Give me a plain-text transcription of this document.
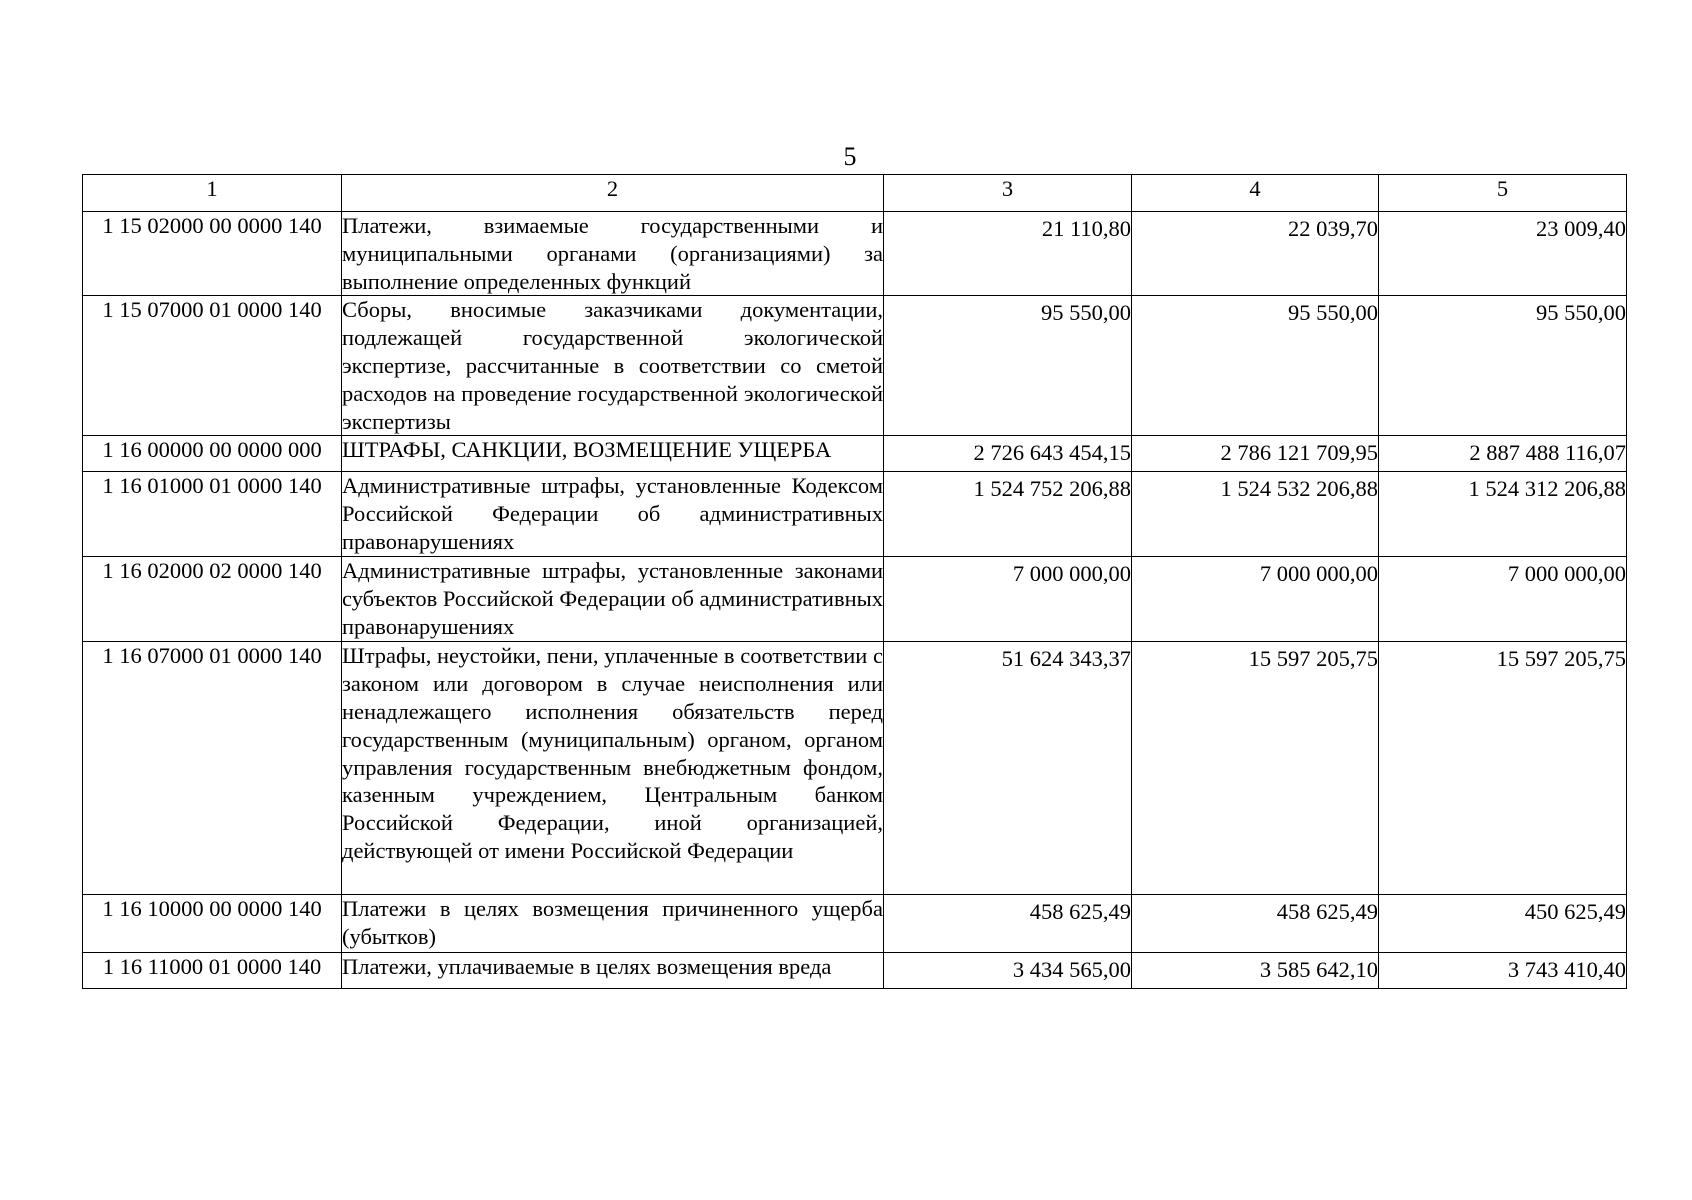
5
1	2	3	4	5
1 15 02000 00 0000 140	Платежи, взимаемые государственными и муниципальными органами (организациями) за выполнение определенных функций	21 110,80	22 039,70	23 009,40
1 15 07000 01 0000 140	Сборы, вносимые заказчиками документации, подлежащей государственной экологической экспертизе, рассчитанные в соответствии со сметой расходов на проведение государственной экологической экспертизы	95 550,00	95 550,00	95 550,00
1 16 00000 00 0000 000	ШТРАФЫ, САНКЦИИ, ВОЗМЕЩЕНИЕ УЩЕРБА	2 726 643 454,15	2 786 121 709,95	2 887 488 116,07
1 16 01000 01 0000 140	Административные штрафы, установленные Кодексом Российской Федерации об административных правонарушениях	1 524 752 206,88	1 524 532 206,88	1 524 312 206,88
1 16 02000 02 0000 140	Административные штрафы, установленные законами субъектов Российской Федерации об административных правонарушениях	7 000 000,00	7 000 000,00	7 000 000,00
1 16 07000 01 0000 140	Штрафы, неустойки, пени, уплаченные в соответствии с законом или договором в случае неисполнения или ненадлежащего исполнения обязательств перед государственным (муниципальным) органом, органом управления государственным внебюджетным фондом, казенным учреждением, Центральным банком Российской Федерации, иной организацией, действующей от имени Российской Федерации	51 624 343,37	15 597 205,75	15 597 205,75
1 16 10000 00 0000 140	Платежи в целях возмещения причиненного ущерба (убытков)	458 625,49	458 625,49	450 625,49
1 16 11000 01 0000 140	Платежи, уплачиваемые в целях возмещения вреда	3 434 565,00	3 585 642,10	3 743 410,40
